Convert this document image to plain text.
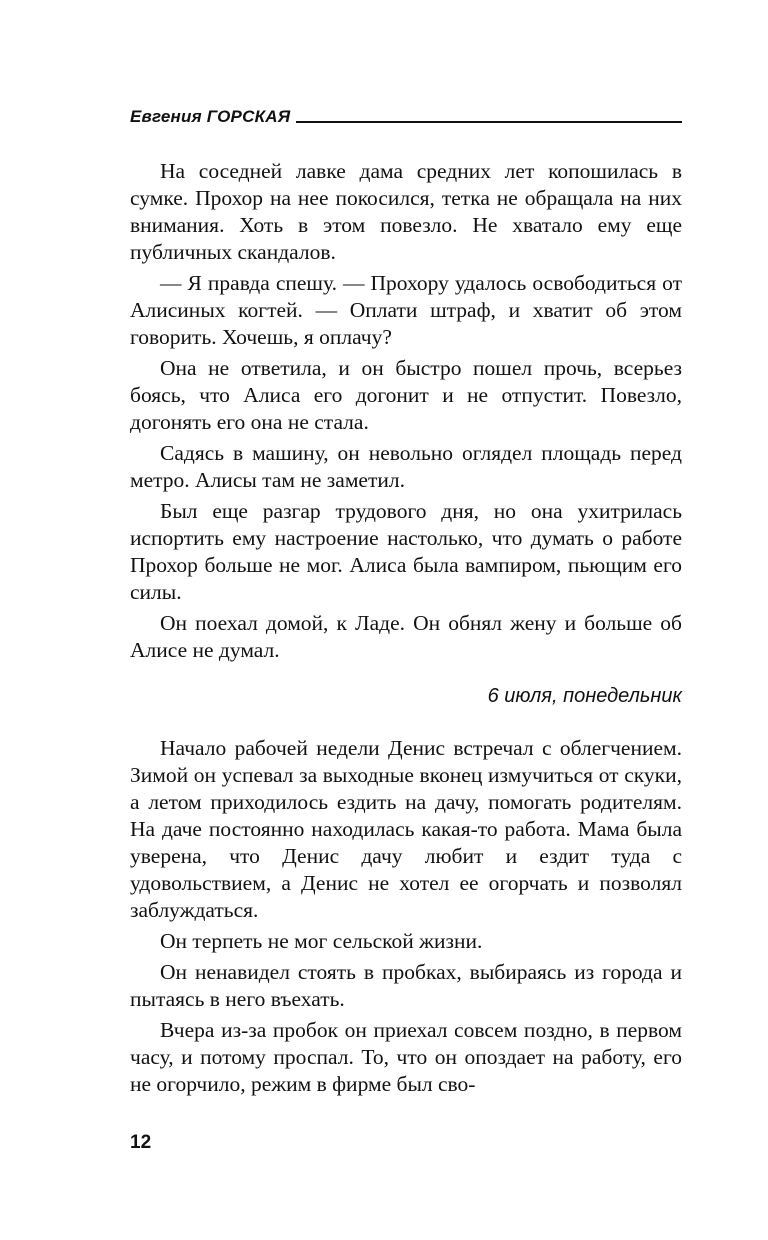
Евгения ГОРСКАЯ

На соседней лавке дама средних лет копошилась в сумке. Прохор на нее покосился, тетка не обращала на них внимания. Хоть в этом повезло. Не хватало ему еще публичных скандалов.

— Я правда спешу. — Прохору удалось освободиться от Алисиных когтей. — Оплати штраф, и хватит об этом говорить. Хочешь, я оплачу?

Она не ответила, и он быстро пошел прочь, всерьез боясь, что Алиса его догонит и не отпустит. Повезло, догонять его она не стала.

Садясь в машину, он невольно оглядел площадь перед метро. Алисы там не заметил.

Был еще разгар трудового дня, но она ухитрилась испортить ему настроение настолько, что думать о работе Прохор больше не мог. Алиса была вампиром, пьющим его силы.

Он поехал домой, к Ладе. Он обнял жену и больше об Алисе не думал.

6 июля, понедельник

Начало рабочей недели Денис встречал с облегчением. Зимой он успевал за выходные вконец измучиться от скуки, а летом приходилось ездить на дачу, помогать родителям. На даче постоянно находилась какая-то работа. Мама была уверена, что Денис дачу любит и ездит туда с удовольствием, а Денис не хотел ее огорчать и позволял заблуждаться.

Он терпеть не мог сельской жизни.

Он ненавидел стоять в пробках, выбираясь из города и пытаясь в него въехать.

Вчера из-за пробок он приехал совсем поздно, в первом часу, и потому проспал. То, что он опоздает на работу, его не огорчило, режим в фирме был сво-

12
